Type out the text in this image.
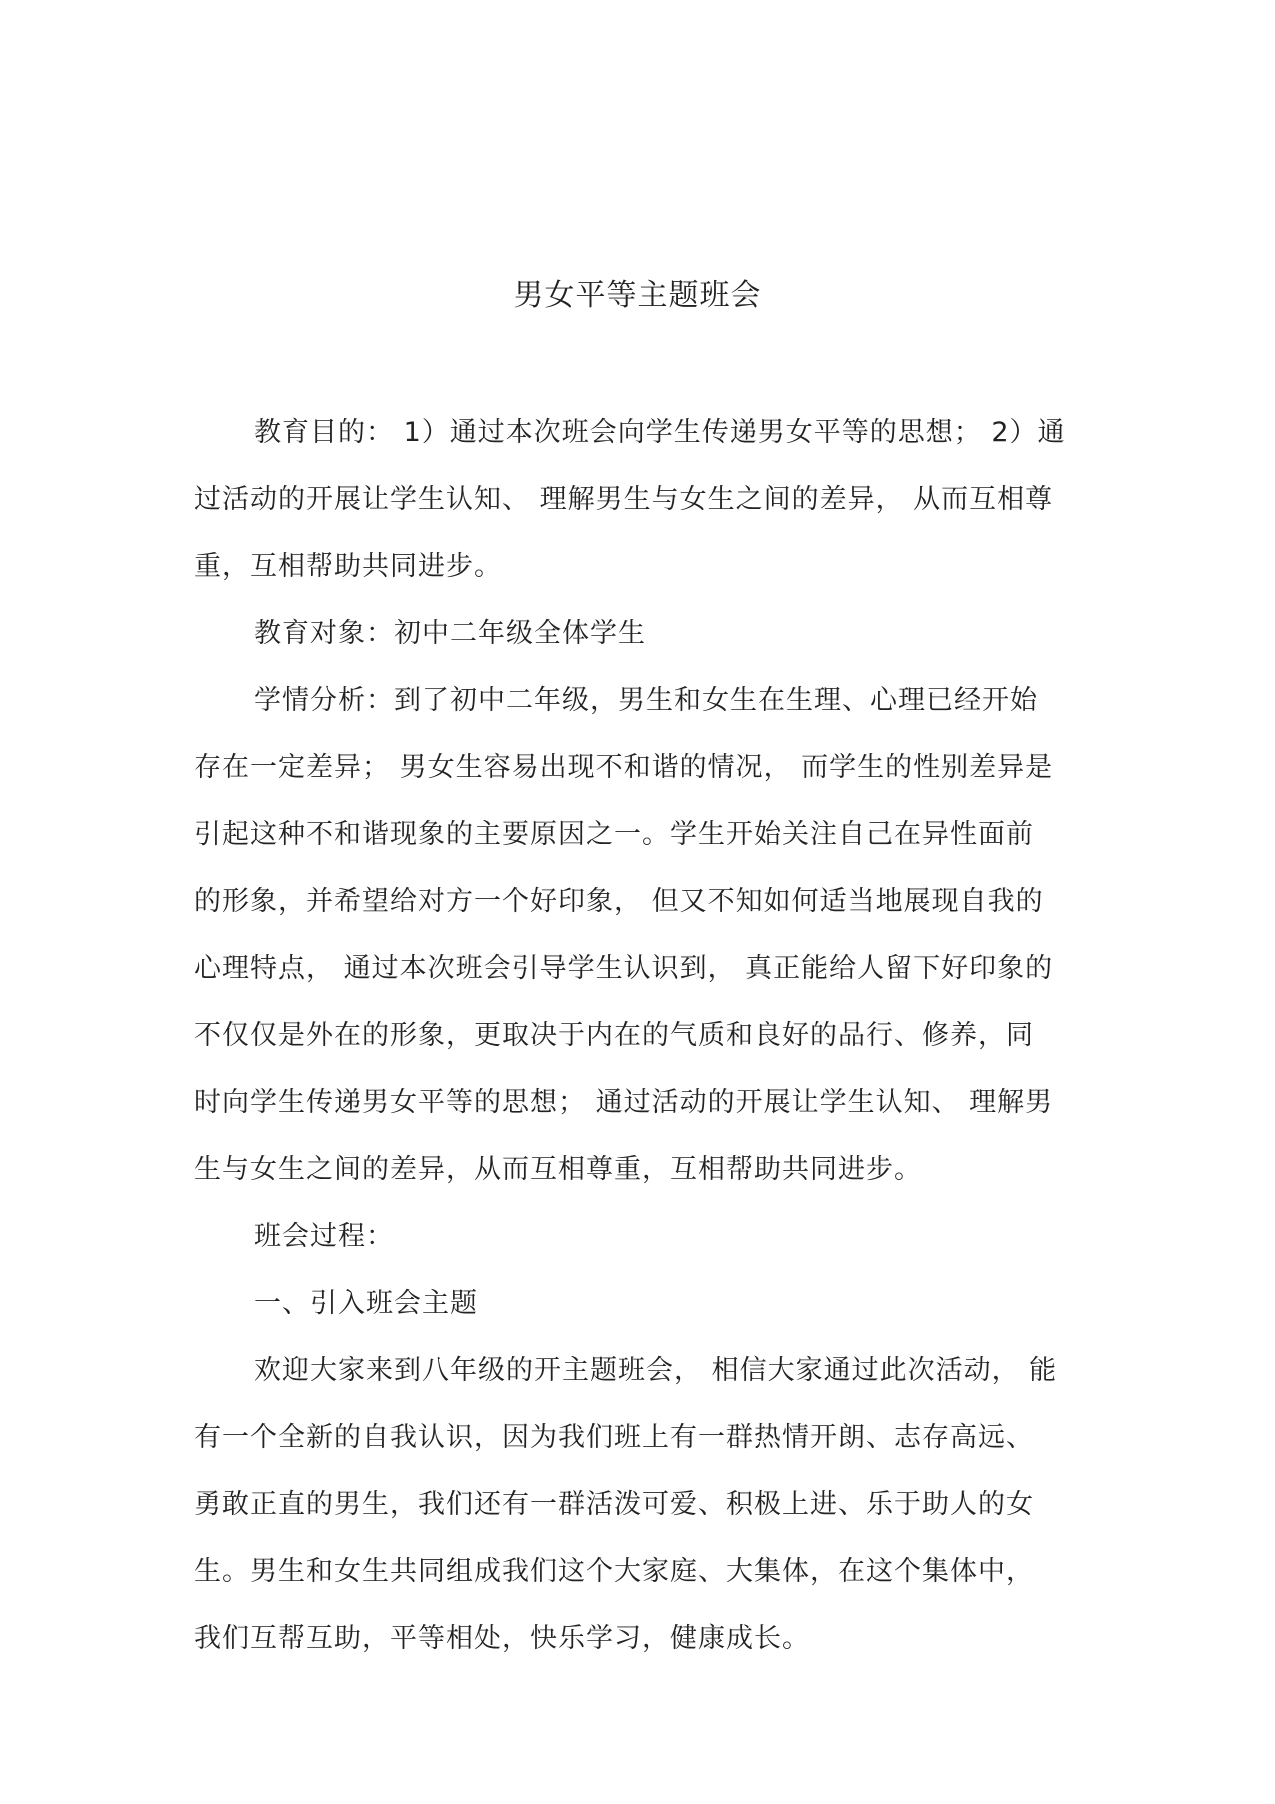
男女平等主题班会
教育目的： 1）通过本次班会向学生传递男女平等的思想； 2）通
过活动的开展让学生认知、 理解男生与女生之间的差异， 从而互相尊
重，互相帮助共同进步。
教育对象：初中二年级全体学生
学情分析：到了初中二年级，男生和女生在生理、心理已经开始
存在一定差异； 男女生容易出现不和谐的情况， 而学生的性别差异是
引起这种不和谐现象的主要原因之一。学生开始关注自己在异性面前
的形象，并希望给对方一个好印象， 但又不知如何适当地展现自我的
心理特点， 通过本次班会引导学生认识到， 真正能给人留下好印象的
不仅仅是外在的形象，更取决于内在的气质和良好的品行、修养，同
时向学生传递男女平等的思想； 通过活动的开展让学生认知、 理解男
生与女生之间的差异，从而互相尊重，互相帮助共同进步。
班会过程：
一、引入班会主题
欢迎大家来到八年级的开主题班会， 相信大家通过此次活动， 能
有一个全新的自我认识，因为我们班上有一群热情开朗、志存高远、
勇敢正直的男生，我们还有一群活泼可爱、积极上进、乐于助人的女
生。男生和女生共同组成我们这个大家庭、大集体，在这个集体中，
我们互帮互助，平等相处，快乐学习，健康成长。
